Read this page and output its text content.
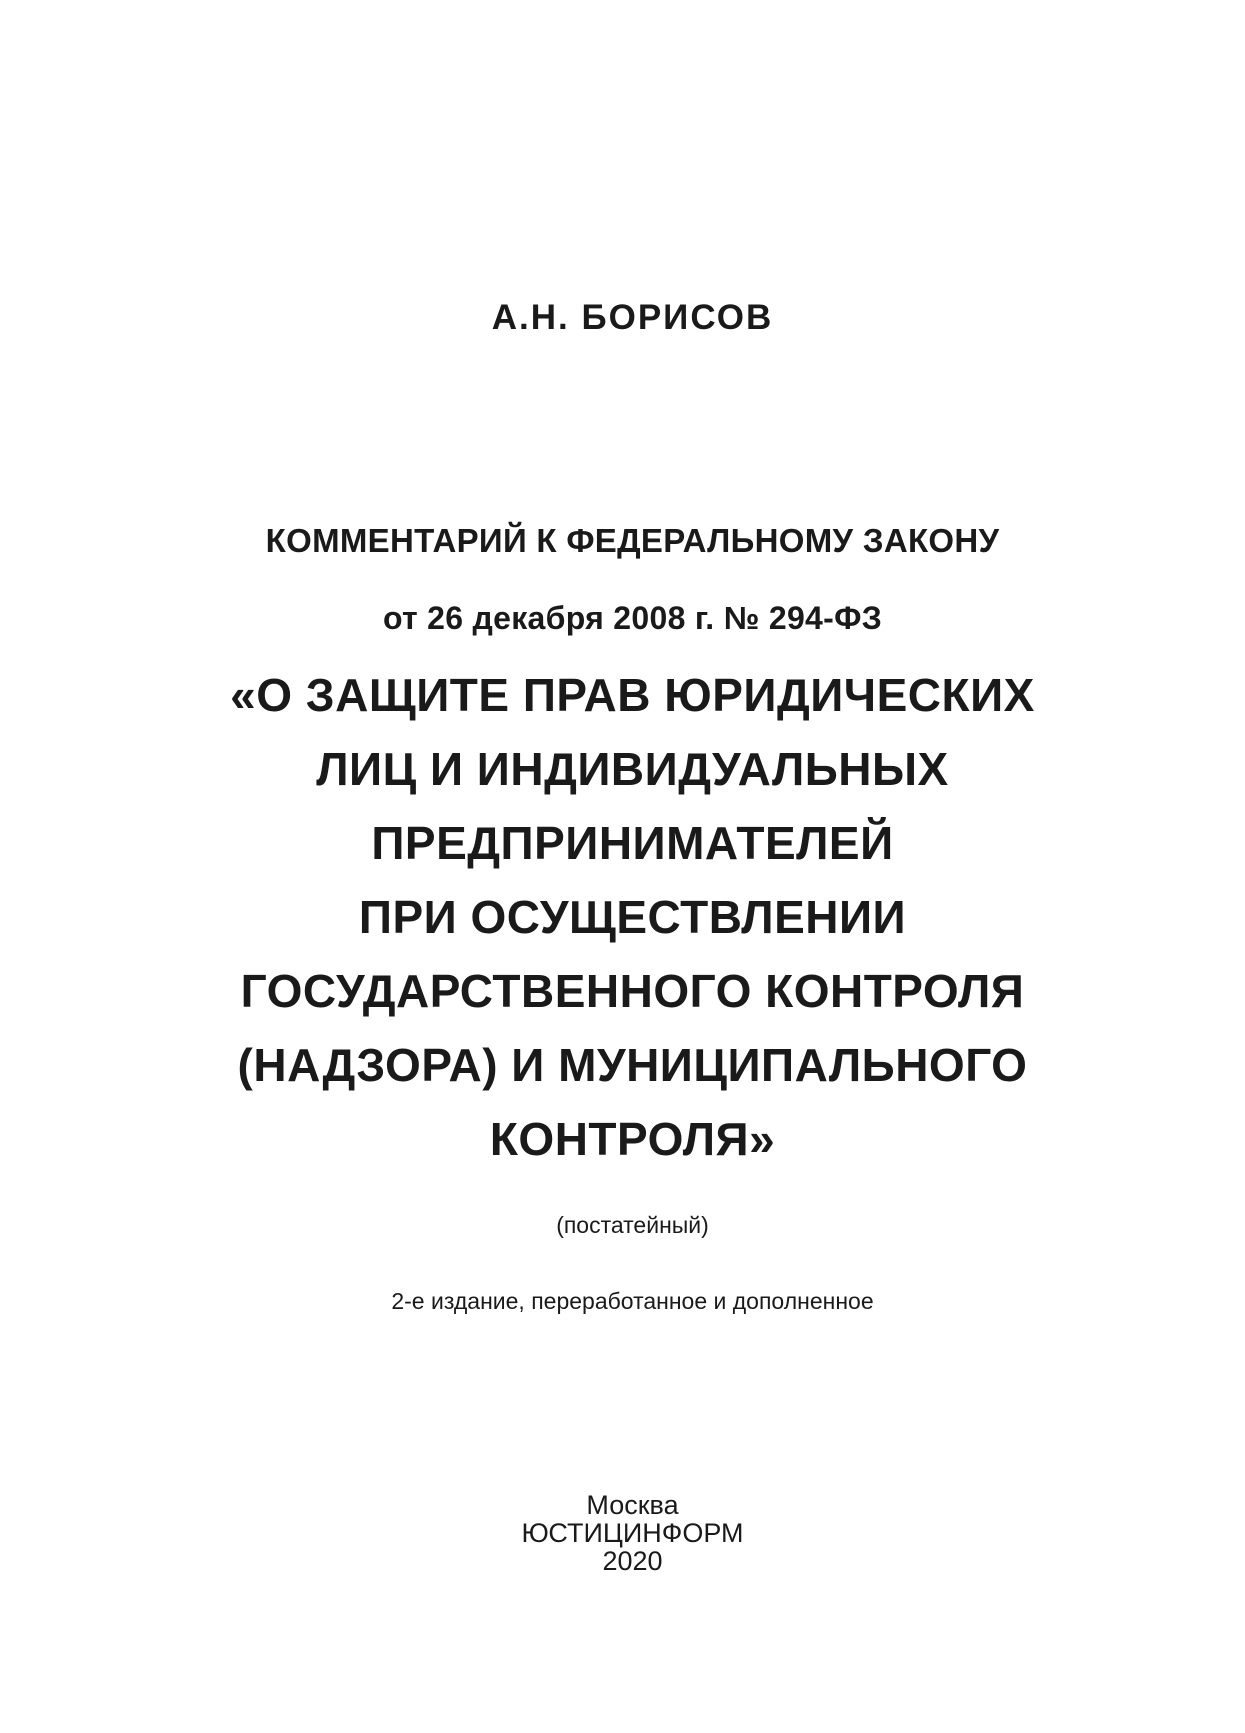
А.Н. БОРИСОВ
КОММЕНТАРИЙ К ФЕДЕРАЛЬНОМУ ЗАКОНУ
от 26 декабря 2008 г. № 294-ФЗ
«О ЗАЩИТЕ ПРАВ ЮРИДИЧЕСКИХ
ЛИЦ И ИНДИВИДУАЛЬНЫХ
ПРЕДПРИНИМАТЕЛЕЙ
ПРИ ОСУЩЕСТВЛЕНИИ
ГОСУДАРСТВЕННОГО КОНТРОЛЯ
(НАДЗОРА) И МУНИЦИПАЛЬНОГО
КОНТРОЛЯ»
(постатейный)
2-е издание, переработанное и дополненное
Москва
ЮСТИЦИНФОРМ
2020
